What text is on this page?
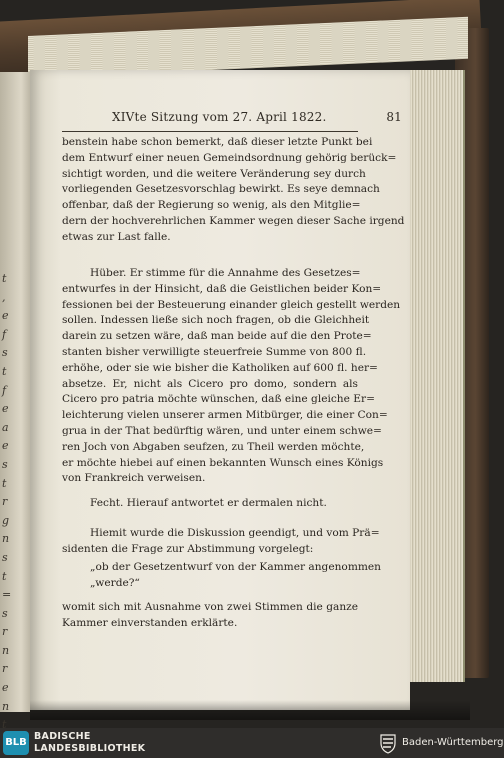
t
,
e
f
s
t
f
e
a
e
s
t
r
g
n
s
t
=
s
r
n
r
e
n
t
XIVte Sitzung vom 27. April 1822.	81
benstein habe schon bemerkt, daß dieser letzte Punkt bei
dem Entwurf einer neuen Gemeindsordnung gehörig berück=
sichtigt worden, und die weitere Veränderung sey durch
vorliegenden Gesetzesvorschlag bewirkt. Es seye demnach
offenbar, daß der Regierung so wenig, als den Mitglie=
dern der hochverehrlichen Kammer wegen dieser Sache irgend
etwas zur Last falle.
Hüber. Er stimme für die Annahme des Gesetzes=
entwurfes in der Hinsicht, daß die Geistlichen beider Kon=
fessionen bei der Besteuerung einander gleich gestellt werden
sollen. Indessen ließe sich noch fragen, ob die Gleichheit
darein zu setzen wäre, daß man beide auf die den Prote=
stanten bisher verwilligte steuerfreie Summe von 800 fl.
erhöhe, oder sie wie bisher die Katholiken auf 600 fl. her=
absetze. Er, nicht als Cicero pro domo, sondern als
Cicero pro patria möchte wünschen, daß eine gleiche Er=
leichterung vielen unserer armen Mitbürger, die einer Con=
grua in der That bedürftig wären, und unter einem schwe=
ren Joch von Abgaben seufzen, zu Theil werden möchte,
er möchte hiebei auf einen bekannten Wunsch eines Königs
von Frankreich verweisen.
Fecht. Hierauf antwortet er dermalen nicht.
Hiemit wurde die Diskussion geendigt, und vom Prä=
sidenten die Frage zur Abstimmung vorgelegt:
„ob der Gesetzentwurf von der Kammer angenommen
„werde?“
womit sich mit Ausnahme von zwei Stimmen die ganze
Kammer einverstanden erklärte.
BLB
BADISCHE
LANDESBIBLIOTHEK	Baden-Württemberg
